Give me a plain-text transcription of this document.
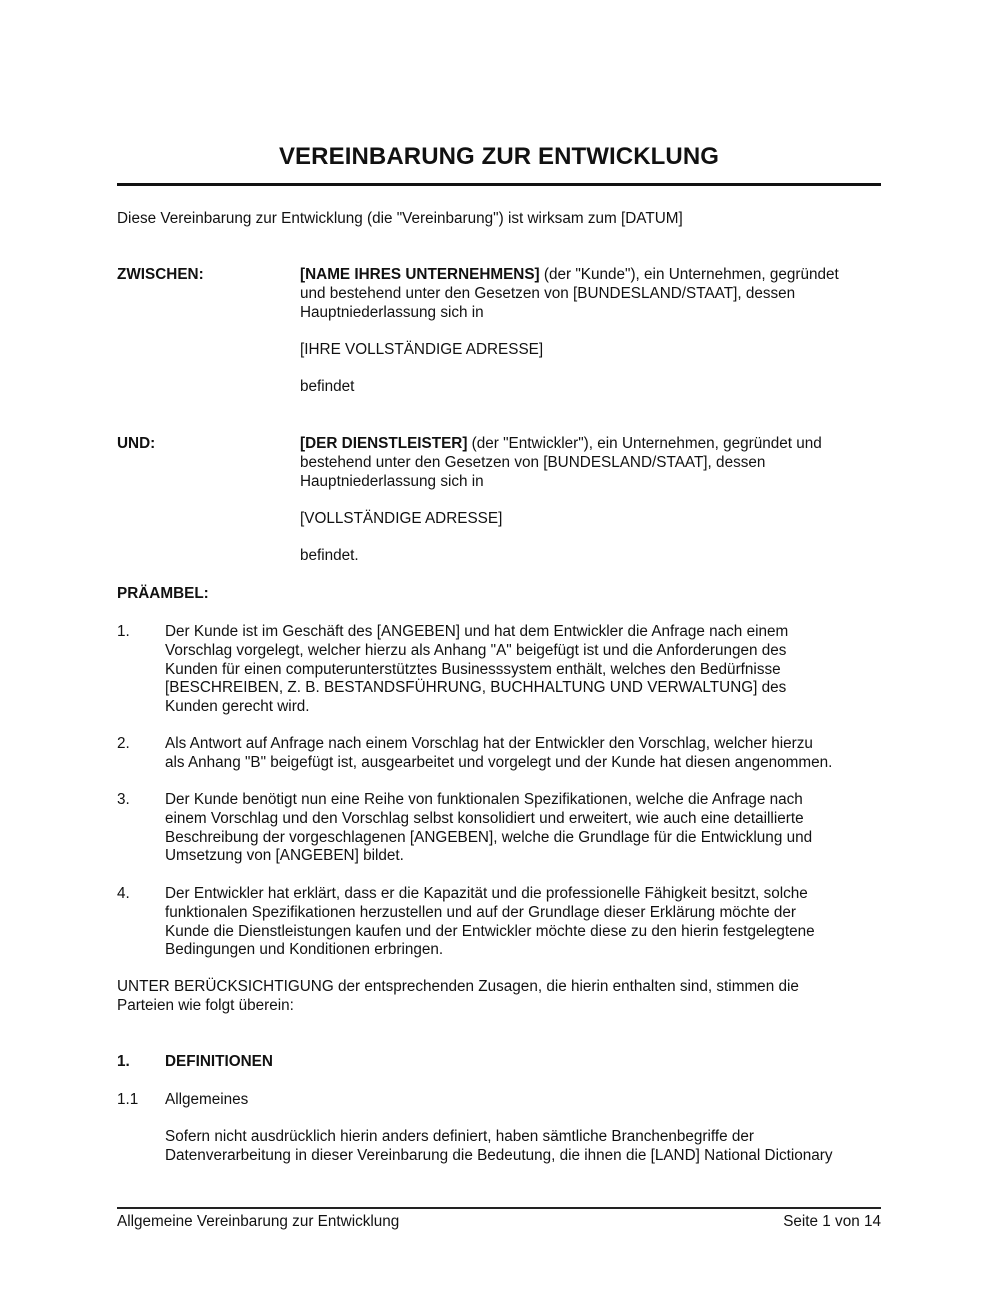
VEREINBARUNG ZUR ENTWICKLUNG
Diese Vereinbarung zur Entwicklung (die "Vereinbarung") ist wirksam zum [DATUM]
ZWISCHEN:	[NAME IHRES UNTERNEHMENS] (der "Kunde"), ein Unternehmen, gegründet
und bestehend unter den Gesetzen von [BUNDESLAND/STAAT], dessen
Hauptniederlassung sich in
[IHRE VOLLSTÄNDIGE ADRESSE]
befindet
UND:	[DER DIENSTLEISTER] (der "Entwickler"), ein Unternehmen, gegründet und
bestehend unter den Gesetzen von [BUNDESLAND/STAAT], dessen
Hauptniederlassung sich in
[VOLLSTÄNDIGE ADRESSE]
befindet.
PRÄAMBEL:
1. Der Kunde ist im Geschäft des [ANGEBEN] und hat dem Entwickler die Anfrage nach einem
Vorschlag vorgelegt, welcher hierzu als Anhang "A" beigefügt ist und die Anforderungen des
Kunden für einen computerunterstütztes Businesssystem enthält, welches den Bedürfnisse
[BESCHREIBEN, Z. B. BESTANDSFÜHRUNG, BUCHHALTUNG UND VERWALTUNG] des
Kunden gerecht wird.
2. Als Antwort auf Anfrage nach einem Vorschlag hat der Entwickler den Vorschlag, welcher hierzu
als Anhang "B" beigefügt ist, ausgearbeitet und vorgelegt und der Kunde hat diesen angenommen.
3. Der Kunde benötigt nun eine Reihe von funktionalen Spezifikationen, welche die Anfrage nach
einem Vorschlag und den Vorschlag selbst konsolidiert und erweitert, wie auch eine detaillierte
Beschreibung der vorgeschlagenen [ANGEBEN], welche die Grundlage für die Entwicklung und
Umsetzung von [ANGEBEN] bildet.
4. Der Entwickler hat erklärt, dass er die Kapazität und die professionelle Fähigkeit besitzt, solche
funktionalen Spezifikationen herzustellen und auf der Grundlage dieser Erklärung möchte der
Kunde die Dienstleistungen kaufen und der Entwickler möchte diese zu den hierin festgelegtene
Bedingungen und Konditionen erbringen.
UNTER BERÜCKSICHTIGUNG der entsprechenden Zusagen, die hierin enthalten sind, stimmen die
Parteien wie folgt überein:
1. DEFINITIONEN
1.1 Allgemeines
Sofern nicht ausdrücklich hierin anders definiert, haben sämtliche Branchenbegriffe der
Datenverarbeitung in dieser Vereinbarung die Bedeutung, die ihnen die [LAND] National Dictionary
Allgemeine Vereinbarung zur Entwicklung	Seite 1 von 14
